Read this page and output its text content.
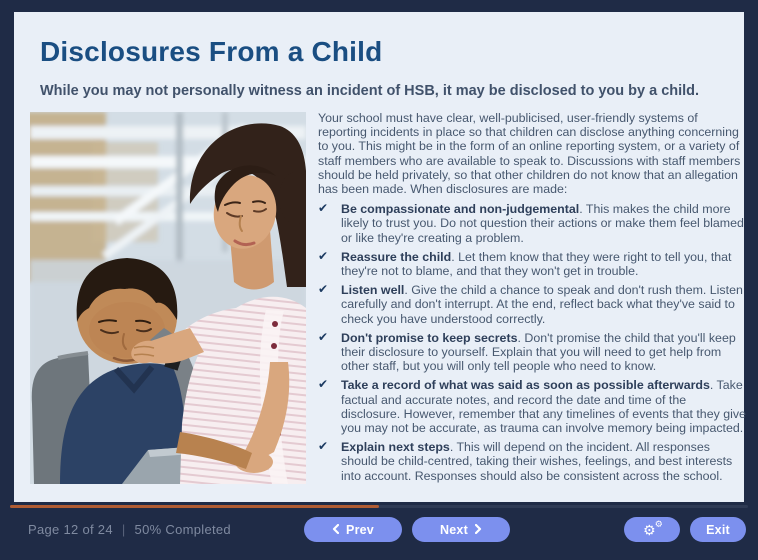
Disclosures From a Child

While you may not personally witness an incident of HSB, it may be disclosed to you by a child.

Your school must have clear, well-publicised, user-friendly systems of reporting incidents in place so that children can disclose anything concerning to you. This might be in the form of an online reporting system, or a variety of staff members who are available to speak to. Discussions with staff members should be held privately, so that other children do not know that an allegation has been made. When disclosures are made:

✔ Be compassionate and non-judgemental. This makes the child more likely to trust you. Do not question their actions or make them feel blamed or like they're creating a problem.
✔ Reassure the child. Let them know that they were right to tell you, that they're not to blame, and that they won't get in trouble.
✔ Listen well. Give the child a chance to speak and don't rush them. Listen carefully and don't interrupt. At the end, reflect back what they've said to check you have understood correctly.
✔ Don't promise to keep secrets. Don't promise the child that you'll keep their disclosure to yourself. Explain that you will need to get help from other staff, but you will only tell people who need to know.
✔ Take a record of what was said as soon as possible afterwards. Take factual and accurate notes, and record the date and time of the disclosure. However, remember that any timelines of events that they give you may not be accurate, as trauma can involve memory being impacted.
✔ Explain next steps. This will depend on the incident. All responses should be child-centred, taking their wishes, feelings, and best interests into account. Responses should also be consistent across the school.
Page 12 of 24 | 50% Completed	Prev	Next	⚙
⚙	Exit
